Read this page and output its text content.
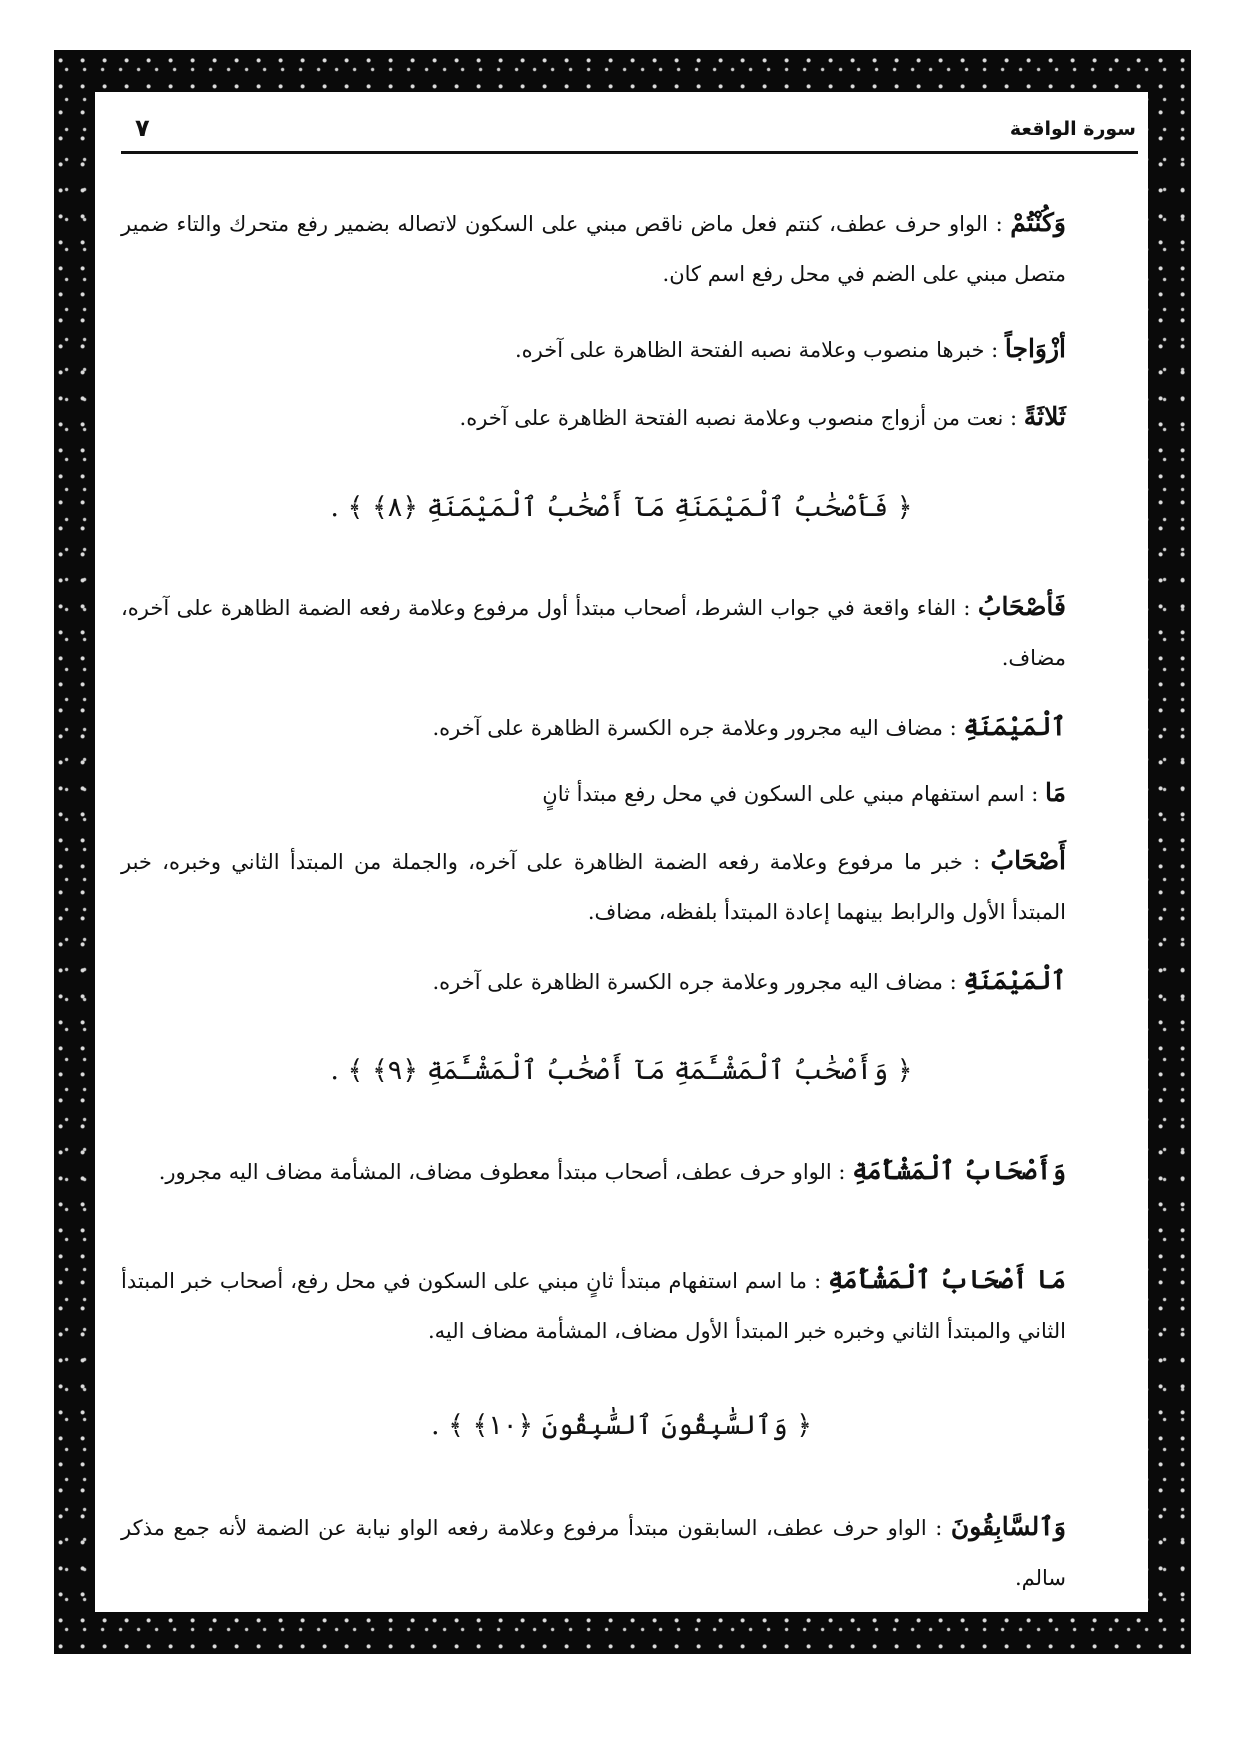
سورة الواقعة
٧
وَكُنْتُمْ : الواو حرف عطف، كنتم فعل ماض ناقص مبني على السكون لاتصاله بضمير رفع متحرك والتاء ضمير متصل مبني على الضم في محل رفع اسم كان.
أزْوَاجاً : خبرها منصوب وعلامة نصبه الفتحة الظاهرة على آخره.
ثَلاثَةً : نعت من أزواج منصوب وعلامة نصبه الفتحة الظاهرة على آخره.
﴿ فَأَصْحَٰبُ ٱلْمَيْمَنَةِ مَآ أَصْحَٰبُ ٱلْمَيْمَنَةِ ﴿٨﴾ ﴾ .
فَأصْحَابُ : الفاء واقعة في جواب الشرط، أصحاب مبتدأ أول مرفوع وعلامة رفعه الضمة الظاهرة على آخره، مضاف.
ٱلْمَيْمَنَةِ : مضاف اليه مجرور وعلامة جره الكسرة الظاهرة على آخره.
مَا : اسم استفهام مبني على السكون في محل رفع مبتدأ ثانٍ
أَصْحَابُ : خبر ما مرفوع وعلامة رفعه الضمة الظاهرة على آخره، والجملة من المبتدأ الثاني وخبره، خبر المبتدأ الأول والرابط بينهما إعادة المبتدأ بلفظه، مضاف.
ٱلْمَيْمَنَةِ : مضاف اليه مجرور وعلامة جره الكسرة الظاهرة على آخره.
﴿ وَأَصْحَٰبُ ٱلْمَشْـَٔمَةِ مَآ أَصْحَٰبُ ٱلْمَشْـَٔمَةِ ﴿٩﴾ ﴾ .
وَأَصْحَابُ ٱلْمَشْأَمَةِ : الواو حرف عطف، أصحاب مبتدأ معطوف مضاف، المشأمة مضاف اليه مجرور.
مَا أَصْحَابُ ٱلْمَشْأَمَةِ : ما اسم استفهام مبتدأ ثانٍ مبني على السكون في محل رفع، أصحاب خبر المبتدأ الثاني والمبتدأ الثاني وخبره خبر المبتدأ الأول مضاف، المشأمة مضاف اليه.
﴿ وَٱلسَّٰبِقُونَ ٱلسَّٰبِقُونَ ﴿١٠﴾ ﴾ .
وَٱلسَّابِقُونَ : الواو حرف عطف، السابقون مبتدأ مرفوع وعلامة رفعه الواو نيابة عن الضمة لأنه جمع مذكر سالم.
